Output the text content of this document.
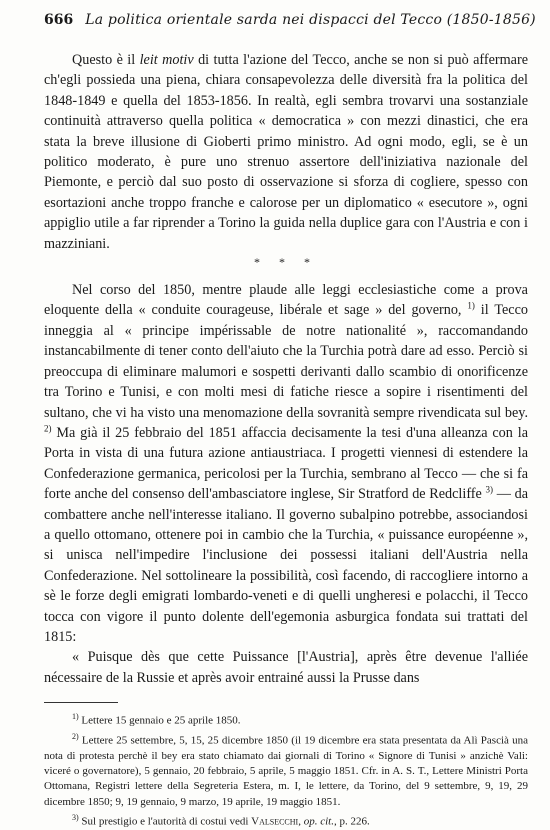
666 La politica orientale sarda nei dispacci del Tecco (1850-1856)

Questo è il leit motiv di tutta l'azione del Tecco, anche se non si può affermare ch'egli possieda una piena, chiara consapevolezza delle diversità fra la politica del 1848-1849 e quella del 1853-1856. In realtà, egli sembra trovarvi una sostanziale continuità attraverso quella politica « democratica » con mezzi dinastici, che era stata la breve illusione di Gioberti primo ministro. Ad ogni modo, egli, se è un politico moderato, è pure uno strenuo assertore dell'iniziativa nazionale del Piemonte, e perciò dal suo posto di osservazione si sforza di cogliere, spesso con esortazioni anche troppo franche e calorose per un diplomatico « esecutore », ogni appiglio utile a far riprender a Torino la guida nella duplice gara con l'Austria e con i mazziniani.

* * *

Nel corso del 1850, mentre plaude alle leggi ecclesiastiche come a prova eloquente della « conduite courageuse, libérale et sage » del governo, $^{1)}$ il Tecco inneggia al « principe impérissable de notre nationalité », raccomandando instancabilmente di tener conto dell'aiuto che la Turchia potrà dare ad esso. Perciò si preoccupa di eliminare malumori e sospetti derivanti dallo scambio di onorificenze tra Torino e Tunisi, e con molti mesi di fatiche riesce a sopire i risentimenti del sultano, che vi ha visto una menomazione della sovranità sempre rivendicata sul bey. $^{2)}$ Ma già il 25 febbraio del 1851 affaccia decisamente la tesi d'una alleanza con la Porta in vista di una futura azione antiaustriaca. I progetti viennesi di estendere la Confederazione germanica, pericolosi per la Turchia, sembrano al Tecco — che si fa forte anche del consenso dell'ambasciatore inglese, Sir Stratford de Redcliffe $^{3)}$ — da combattere anche nell'interesse italiano. Il governo subalpino potrebbe, associandosi a quello ottomano, ottenere poi in cambio che la Turchia, « puissance européenne », si unisca nell'impedire l'inclusione dei possessi italiani dell'Austria nella Confederazione. Nel sottolineare la possibilità, così facendo, di raccogliere intorno a sè le forze degli emigrati lombardo-veneti e di quelli ungheresi e polacchi, il Tecco tocca con vigore il punto dolente dell'egemonia asburgica fondata sui trattati del 1815:

« Puisque dès que cette Puissance [l'Austria], après être devenue l'alliée nécessaire de la Russie et après avoir entrainé aussi la Prusse dans

$^{1)}$ Lettere 15 gennaio e 25 aprile 1850.

$^{2)}$ Lettere 25 settembre, 5, 15, 25 dicembre 1850 (il 19 dicembre era stata presentata da Alì Pascià una nota di protesta perchè il bey era stato chiamato dai giornali di Torino « Signore di Tunisi » anzichè Vali: viceré o governatore), 5 gennaio, 20 febbraio, 5 aprile, 5 maggio 1851. Cfr. in A. S. T., Lettere Ministri Porta Ottomana, Registri lettere della Segreteria Estera, m. I, le lettere, da Torino, del 9 settembre, 9, 19, 29 dicembre 1850; 9, 19 gennaio, 9 marzo, 19 aprile, 19 maggio 1851.

$^{3)}$ Sul prestigio e l'autorità di costui vedi Valsecchi, op. cit., p. 226.
